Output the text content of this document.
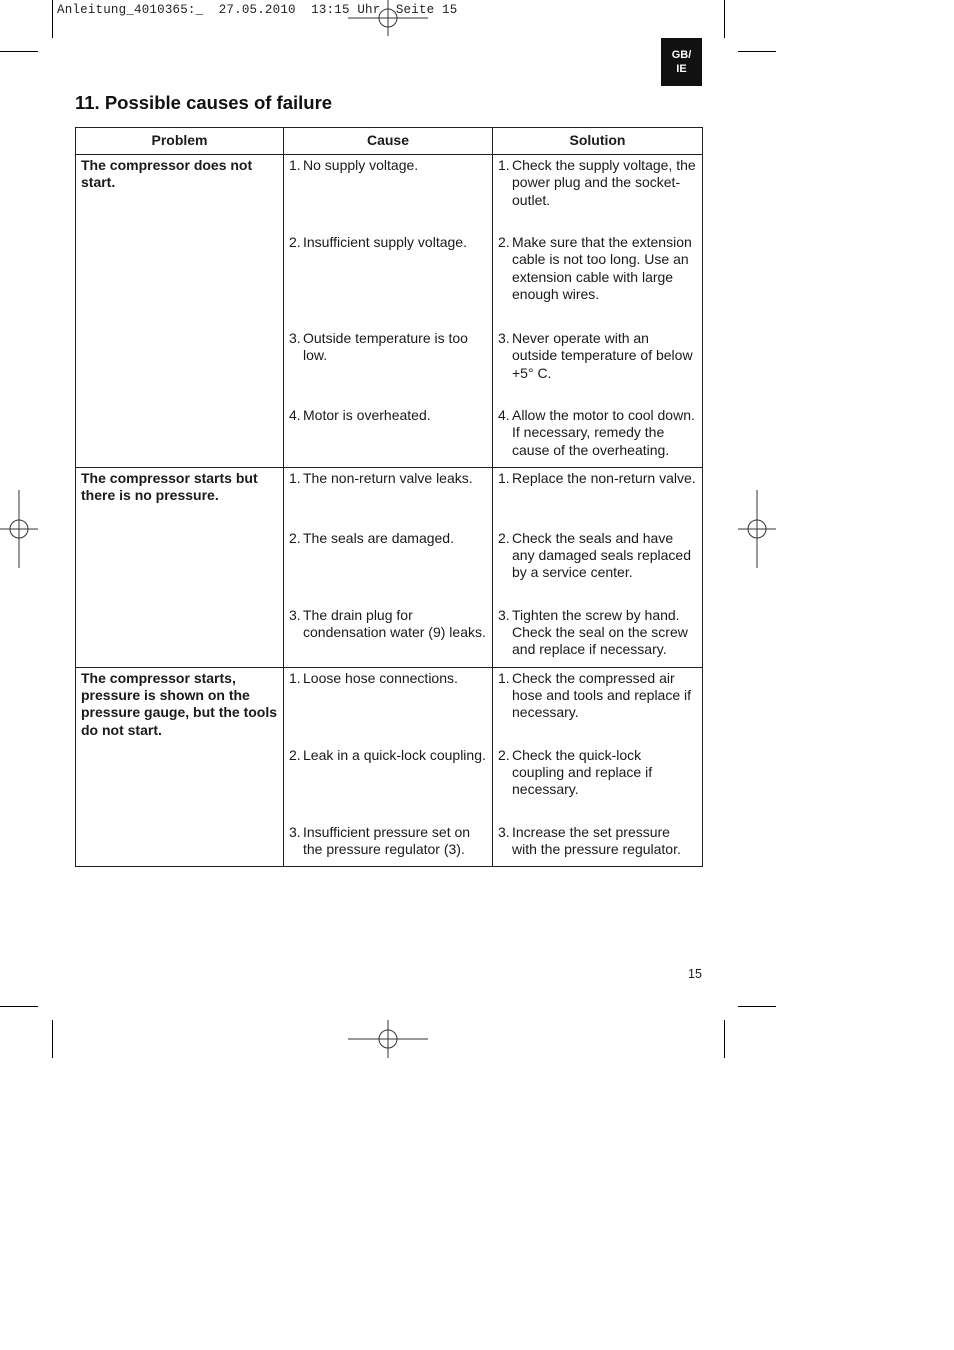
Anleitung_4010365:_  27.05.2010  13:15 Uhr  Seite 15
GB/
IE
11. Possible causes of failure
Problem	Cause	Solution
The compressor does not start.	1. No supply voltage.	1. Check the supply voltage, the power plug and the socket-outlet.

	2. Insufficient supply voltage.	2. Make sure that the extension cable is not too long. Use an extension cable with large enough wires.

	3. Outside temperature is too low.	3. Never operate with an outside temperature of below +5° C.

	4. Motor is overheated.	4. Allow the motor to cool down. If necessary, remedy the cause of the overheating.

The compressor starts but there is no pressure.	1. The non-return valve leaks.	1. Replace the non-return valve.

	2. The seals are damaged.	2. Check the seals and have any damaged seals replaced by a service center.

	3. The drain plug for condensation water (9) leaks.	3. Tighten the screw by hand. Check the seal on the screw and replace if necessary.

The compressor starts, pressure is shown on the pressure gauge, but the tools do not start.	1. Loose hose connections.	1. Check the compressed air hose and tools and replace if necessary.

	2. Leak in a quick-lock coupling.	2. Check the quick-lock coupling and replace if necessary.

	3. Insufficient pressure set on the pressure regulator (3).	3. Increase the set pressure with the pressure regulator.
15
